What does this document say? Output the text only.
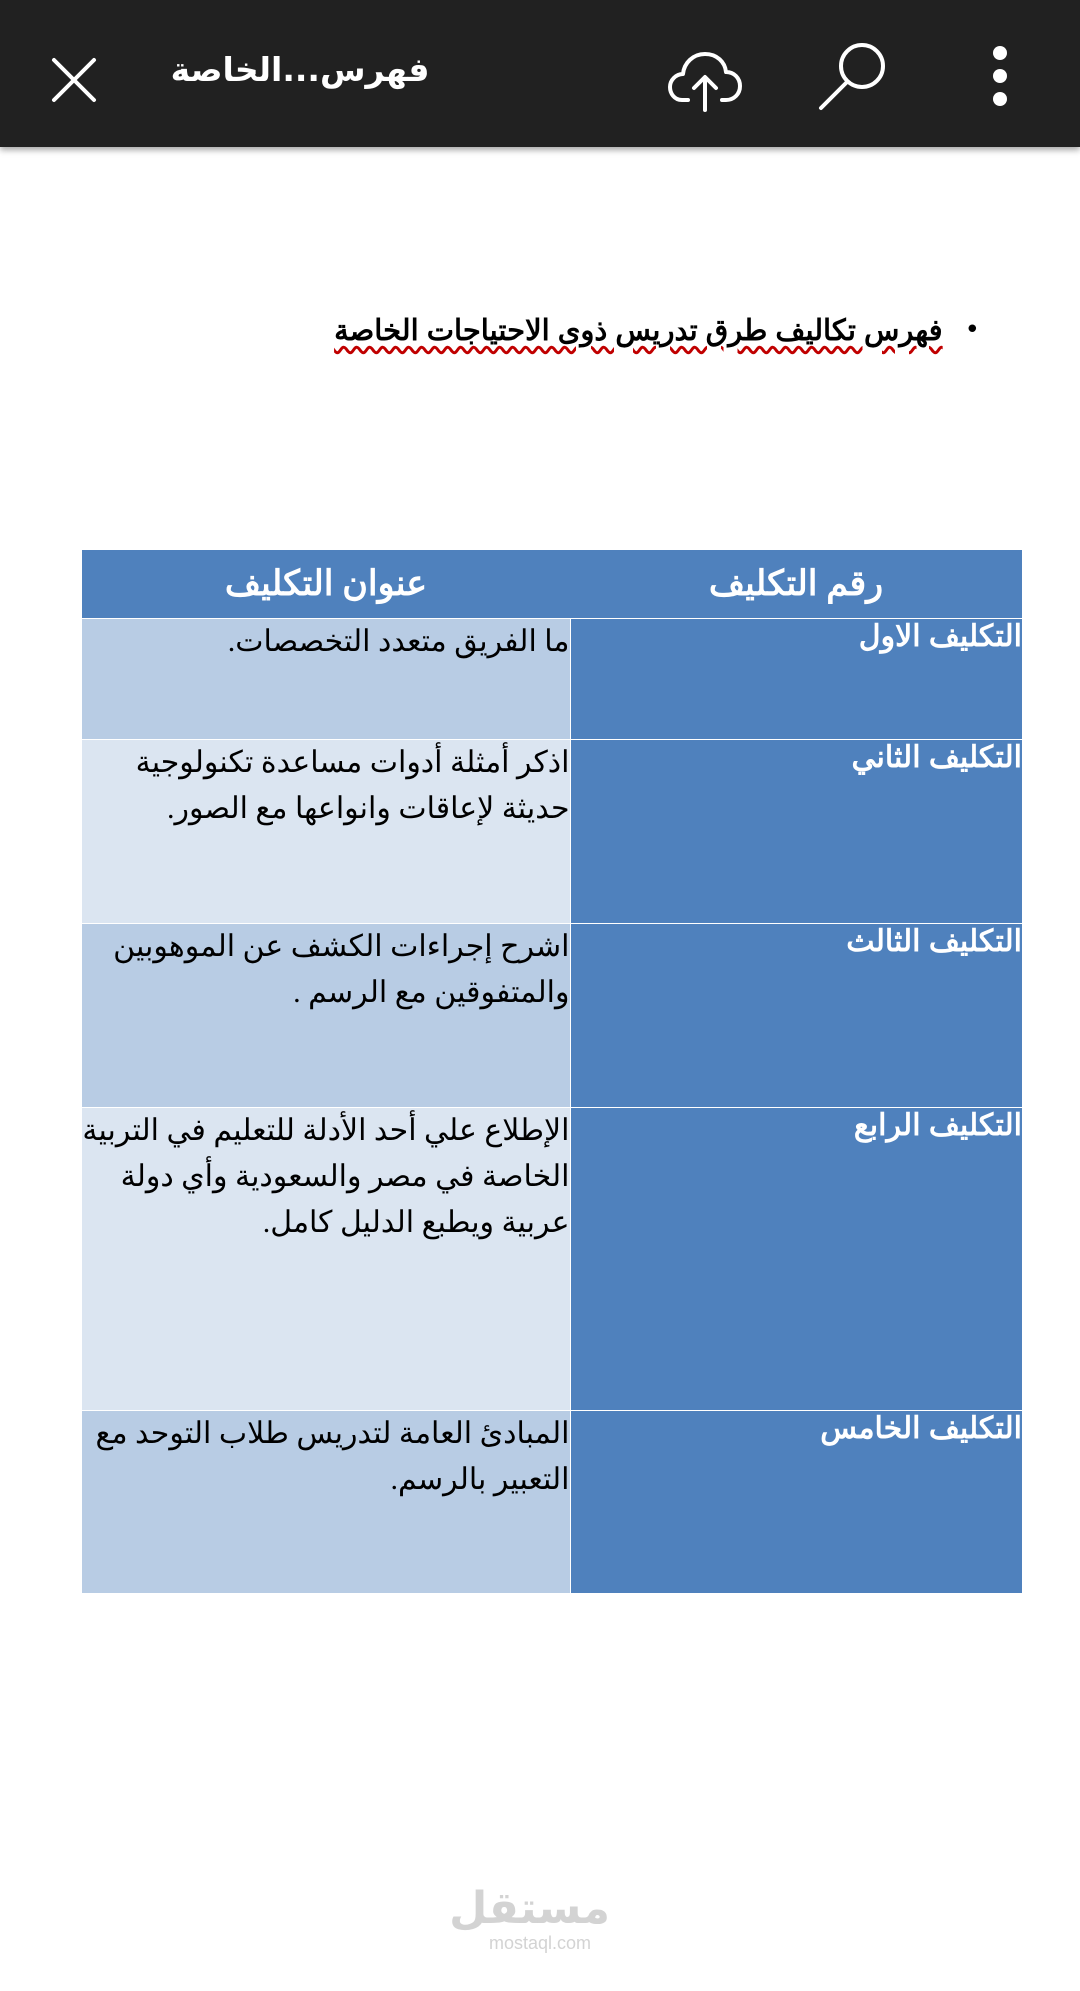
فهرس...الخاصة
•
فهرس تكاليف طرق تدريس ذوى الاحتياجات الخاصة
رقم التكليف	عنوان التكليف
التكليف الاول	ما الفريق متعدد التخصصات.
التكليف الثاني	اذكر أمثلة أدوات مساعدة تكنولوجية حديثة لإعاقات وانواعها مع الصور.
التكليف الثالث	اشرح إجراءات الكشف عن الموهوبين والمتفوقين مع الرسم .
التكليف الرابع	الإطلاع علي أحد الأدلة للتعليم في التربية الخاصة في مصر والسعودية وأي دولة عربية ويطبع الدليل كامل.
التكليف الخامس	المبادئ العامة لتدريس طلاب التوحد مع التعبير بالرسم.
مستقل
mostaql.com
